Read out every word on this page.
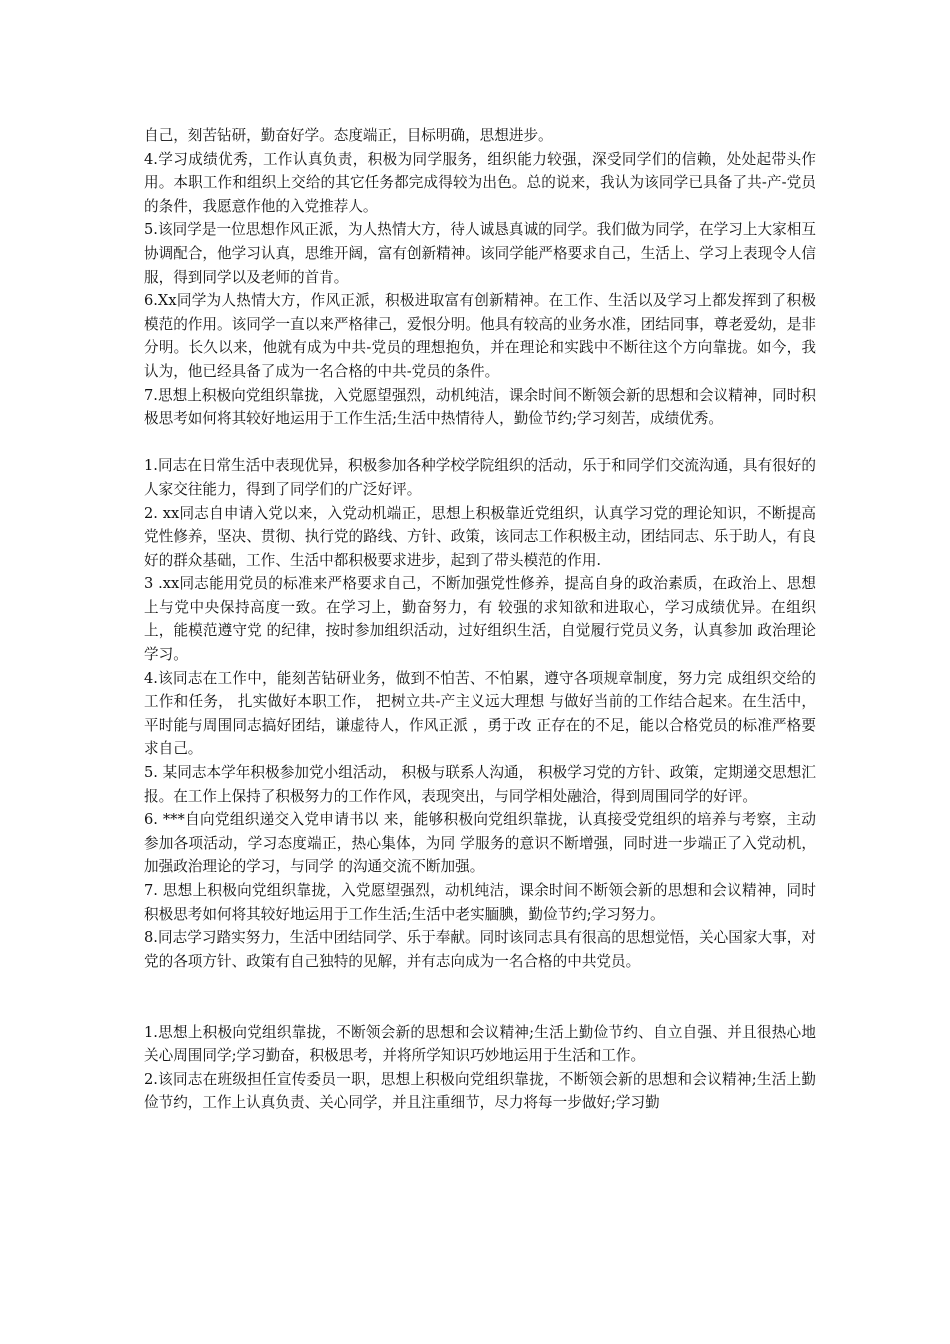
自己，刻苦钻研，勤奋好学。态度端正，目标明确，思想进步。

4.学习成绩优秀，工作认真负责，积极为同学服务，组织能力较强，深受同学们的信赖，处处起带头作用。本职工作和组织上交给的其它任务都完成得较为出色。总的说来，我认为该同学已具备了共-产-党员的条件，我愿意作他的入党推荐人。

5.该同学是一位思想作风正派，为人热情大方，待人诚恳真诚的同学。我们做为同学，在学习上大家相互协调配合，他学习认真，思维开阔，富有创新精神。该同学能严格要求自己，生活上、学习上表现令人信服，得到同学以及老师的首肯。

6.Xx同学为人热情大方，作风正派，积极进取富有创新精神。在工作、生活以及学习上都发挥到了积极模范的作用。该同学一直以来严格律己，爱恨分明。他具有较高的业务水准，团结同事，尊老爱幼，是非分明。长久以来，他就有成为中共-党员的理想抱负，并在理论和实践中不断往这个方向靠拢。如今，我认为，他已经具备了成为一名合格的中共-党员的条件。

7.思想上积极向党组织靠拢，入党愿望强烈，动机纯洁，课余时间不断领会新的思想和会议精神，同时积极思考如何将其较好地运用于工作生活;生活中热情待人，勤俭节约;学习刻苦，成绩优秀。

1.同志在日常生活中表现优异，积极参加各种学校学院组织的活动，乐于和同学们交流沟通，具有很好的人家交往能力，得到了同学们的广泛好评。

2. xx同志自申请入党以来，入党动机端正，思想上积极靠近党组织，认真学习党的理论知识，不断提高党性修养，坚决、贯彻、执行党的路线、方针、政策，该同志工作积极主动，团结同志、乐于助人，有良好的群众基础，工作、生活中都积极要求进步，起到了带头模范的作用.

3 .xx同志能用党员的标准来严格要求自己，不断加强党性修养，提高自身的政治素质，在政治上、思想上与党中央保持高度一致。在学习上，勤奋努力，有 较强的求知欲和进取心，学习成绩优异。在组织上，能模范遵守党 的纪律，按时参加组织活动，过好组织生活，自觉履行党员义务，认真参加 政治理论学习。

4.该同志在工作中，能刻苦钻研业务，做到不怕苦、不怕累，遵守各项规章制度，努力完 成组织交给的工作和任务， 扎实做好本职工作， 把树立共-产主义远大理想 与做好当前的工作结合起来。在生活中，平时能与周围同志搞好团结，谦虚待人，作风正派 ，勇于改 正存在的不足，能以合格党员的标准严格要求自己。

5. 某同志本学年积极参加党小组活动， 积极与联系人沟通， 积极学习党的方针、政策，定期递交思想汇报。在工作上保持了积极努力的工作作风，表现突出，与同学相处融洽，得到周围同学的好评。

6. ***自向党组织递交入党申请书以 来，能够积极向党组织靠拢，认真接受党组织的培养与考察，主动参加各项活动，学习态度端正，热心集体，为同 学服务的意识不断增强，同时进一步端正了入党动机，加强政治理论的学习，与同学 的沟通交流不断加强。

7. 思想上积极向党组织靠拢，入党愿望强烈，动机纯洁，课余时间不断领会新的思想和会议精神，同时积极思考如何将其较好地运用于工作生活;生活中老实腼腆，勤俭节约;学习努力。

8.同志学习踏实努力，生活中团结同学、乐于奉献。同时该同志具有很高的思想觉悟，关心国家大事，对党的各项方针、政策有自己独特的见解，并有志向成为一名合格的中共党员。

1.思想上积极向党组织靠拢，不断领会新的思想和会议精神;生活上勤俭节约、自立自强、并且很热心地关心周围同学;学习勤奋，积极思考，并将所学知识巧妙地运用于生活和工作。

2.该同志在班级担任宣传委员一职，思想上积极向党组织靠拢，不断领会新的思想和会议精神;生活上勤俭节约，工作上认真负责、关心同学，并且注重细节，尽力将每一步做好;学习勤
